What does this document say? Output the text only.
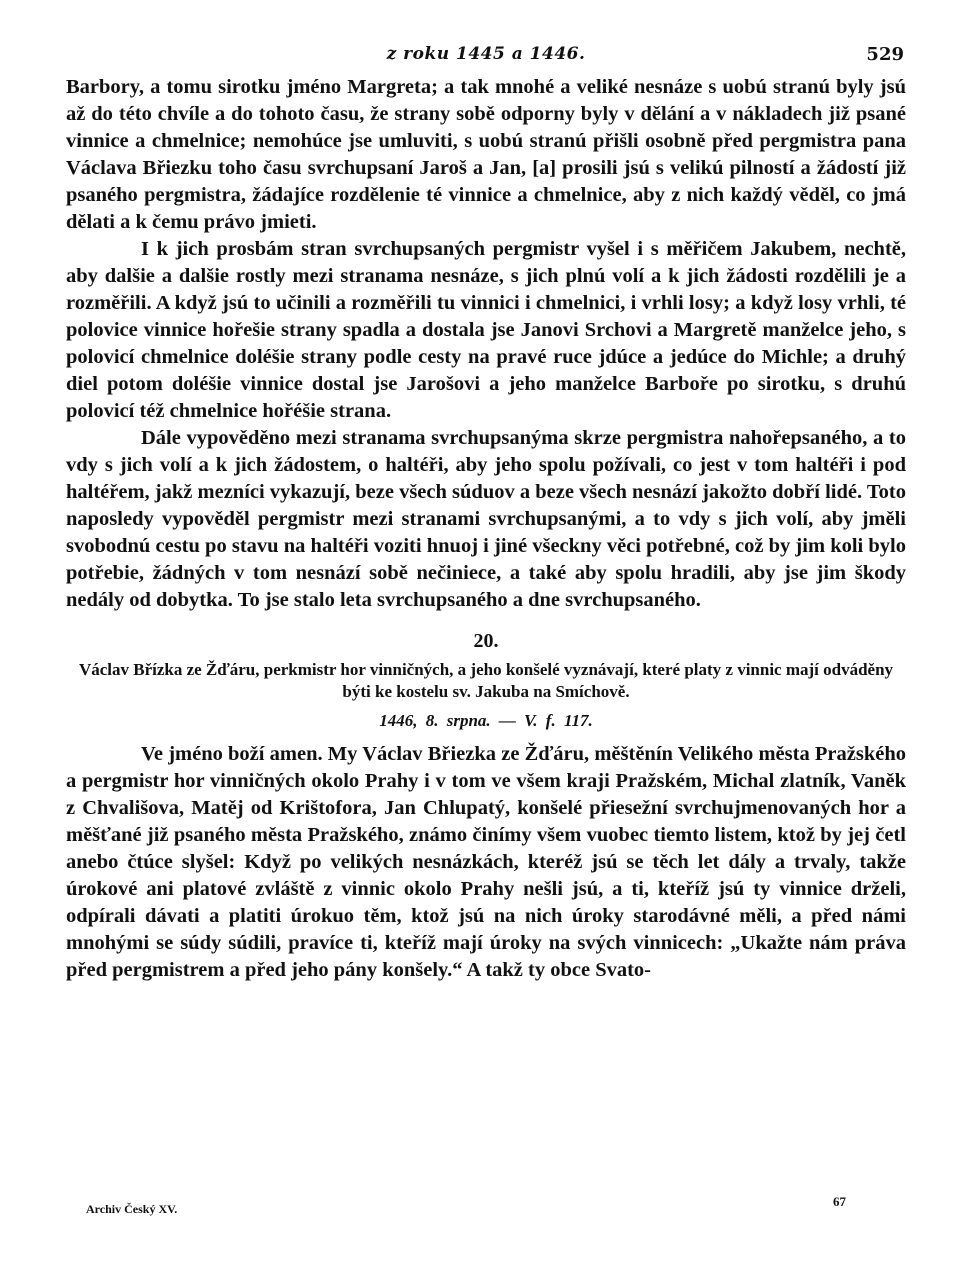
z roku 1445 a 1446.	529

Barbory, a tomu sirotku jméno Margreta; a tak mnohé a veliké nesnáze s uobú stranú byly jsú až do této chvíle a do tohoto času, že strany sobě odporny byly v dělání a v nákladech již psané vinnice a chmelnice; nemohúce jse umluviti, s uobú stranú přišli osobně před pergmistra pana Václava Břiezku toho času svrchupsaní Jaroš a Jan, [a] prosili jsú s velikú pilností a žádostí již psaného pergmistra, žádajíce rozdělenie té vinnice a chmelnice, aby z nich každý věděl, co jmá dělati a k čemu právo jmieti.

I k jich prosbám stran svrchupsaných pergmistr vyšel i s měřičem Jakubem, nechtě, aby dalšie a dalšie rostly mezi stranama nesnáze, s jich plnú volí a k jich žádosti rozdělili je a rozměřili. A když jsú to učinili a rozměřili tu vinnici i chmelnici, i vrhli losy; a když losy vrhli, té polovice vinnice hořešie strany spadla a dostala jse Janovi Srchovi a Margretě manželce jeho, s polovicí chmelnice doléšie strany podle cesty na pravé ruce jdúce a jedúce do Michle; a druhý diel potom doléšie vinnice dostal jse Jarošovi a jeho manželce Barboře po sirotku, s druhú polovicí též chmelnice hořéšie strana.

Dále vypověděno mezi stranama svrchupsanýma skrze pergmistra nahořepsaného, a to vdy s jich volí a k jich žádostem, o haltéři, aby jeho spolu požívali, co jest v tom haltéři i pod haltéřem, jakž mezníci vykazují, beze všech súduov a beze všech nesnází jakožto dobří lidé. Toto naposledy vypověděl pergmistr mezi stranami svrchupsanými, a to vdy s jich volí, aby jměli svobodnú cestu po stavu na haltéři voziti hnuoj i jiné všeckny věci potřebné, což by jim koli bylo potřebie, žádných v tom nesnází sobě nečiniece, a také aby spolu hradili, aby jse jim škody nedály od dobytka. To jse stalo leta svrchupsaného a dne svrchupsaného.

20.
Václav Břízka ze Žďáru, perkmistr hor vinničných, a jeho konšelé vyznávají, které platy z vinnic mají odváděny býti ke kostelu sv. Jakuba na Smíchově.
1446, 8. srpna. — V. f. 117.

Ve jméno boží amen. My Václav Břiezka ze Žďáru, měštěnín Velikého města Pražského a pergmistr hor vinničných okolo Prahy i v tom ve všem kraji Pražském, Michal zlatník, Vaněk z Chvališova, Matěj od Krištofora, Jan Chlupatý, konšelé přiesežní svrchujmenovaných hor a měšťané již psaného města Pražského, známo činímy všem vuobec tiemto listem, ktož by jej četl anebo čtúce slyšel: Když po velikých nesnázkách, kteréž jsú se těch let dály a trvaly, takže úrokové ani platové zvláště z vinnic okolo Prahy nešli jsú, a ti, kteříž jsú ty vinnice drželi, odpírali dávati a platiti úrokuo těm, ktož jsú na nich úroky starodávné měli, a před námi mnohými se súdy súdili, pravíce ti, kteříž mají úroky na svých vinnicech: „Ukažte nám práva před pergmistrem a před jeho pány konšely.“ A takž ty obce Svato-

Archiv Český XV.	67
